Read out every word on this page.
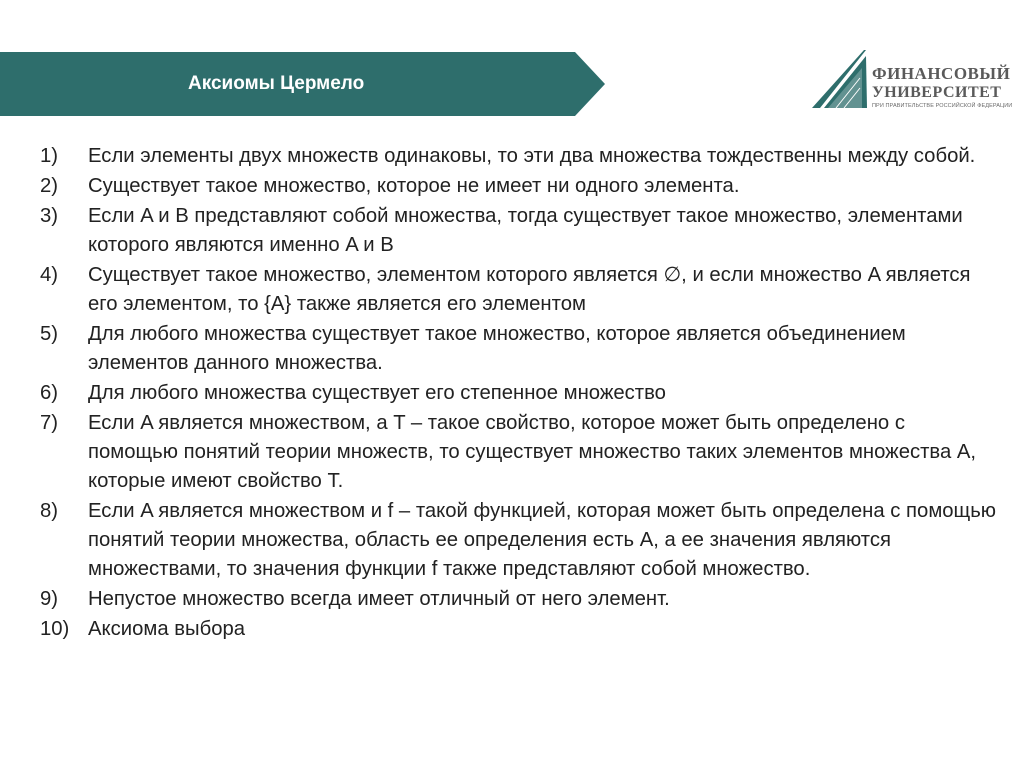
Аксиомы Цермело	ФИНАНСОВЫЙ
УНИВЕРСИТЕТ
ПРИ ПРАВИТЕЛЬСТВЕ РОССИЙСКОЙ ФЕДЕРАЦИИ
1) Если элементы двух множеств одинаковы, то эти два множества тождественны между собой.
2) Существует такое множество, которое не имеет ни одного элемента.
3) Если A и B представляют собой множества, тогда существует такое множество, элементами которого являются именно A и B
4) Существует такое множество, элементом которого является ∅, и если множество A является его элементом, то {A} также является его элементом
5) Для любого множества существует такое множество, которое является объединением элементов данного множества.
6) Для любого множества существует его степенное множество
7) Если A является множеством, а T – такое свойство, которое может быть определено с помощью понятий теории множеств, то существует множество таких элементов множества A, которые имеют свойство T.
8) Если A является множеством и f – такой функцией, которая может быть определена с помощью понятий теории множества, область ее определения есть A, а ее значения являются множествами, то значения функции f также представляют собой множество.
9) Непустое множество всегда имеет отличный от него элемент.
10) Аксиома выбора
